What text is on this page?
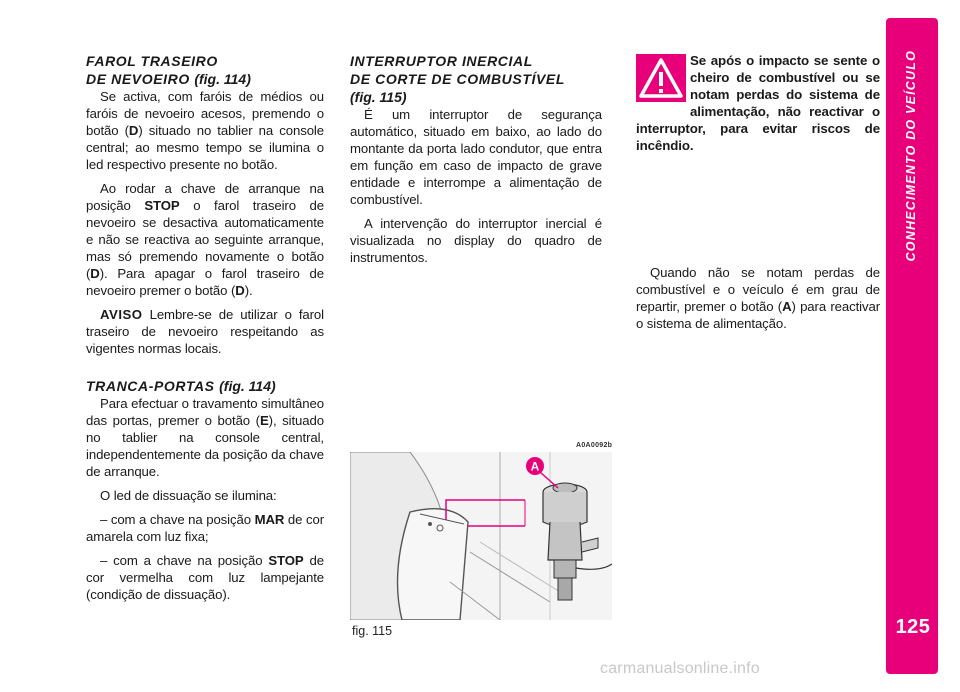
FAROL TRASEIRO
DE NEVOEIRO (fig. 114)

Se activa, com faróis de médios ou faróis de nevoeiro acesos, premendo o botão (D) situado no tablier na console central; ao mesmo tempo se ilumina o led respectivo presente no botão.

Ao rodar a chave de arranque na posição STOP o farol traseiro de nevoeiro se desactiva automaticamente e não se reactiva ao seguinte arranque, mas só premendo novamente o botão (D). Para apagar o farol traseiro de nevoeiro premer o botão (D).

AVISO Lembre-se de utilizar o farol traseiro de nevoeiro respeitando as vigentes normas locais.

TRANCA-PORTAS (fig. 114)

Para efectuar o travamento simultâneo das portas, premer o botão (E), situado no tablier na console central, independentemente da posição da chave de arranque.

O led de dissuação se ilumina:

– com a chave na posição MAR de cor amarela com luz fixa;

– com a chave na posição STOP de cor vermelha com luz lampejante (condição de dissuação).

INTERRUPTOR INERCIAL
DE CORTE DE COMBUSTÍVEL
(fig. 115)

É um interruptor de segurança automático, situado em baixo, ao lado do montante da porta lado condutor, que entra em função em caso de impacto de grave entidade e interrompe a alimentação de combustível.

A intervenção do interruptor inercial é visualizada no display do quadro de instrumentos.

Se após o impacto se sente o cheiro de combustível ou se notam perdas do sistema de alimentação, não reactivar o interruptor, para evitar riscos de incêndio.

Quando não se notam perdas de combustível e o veículo é em grau de repartir, premer o botão (A) para reactivar o sistema de alimentação.

A0A0092b
A
fig. 115
CONHECIMENTO DO VEÍCULO
125
carmanualsonline.info
